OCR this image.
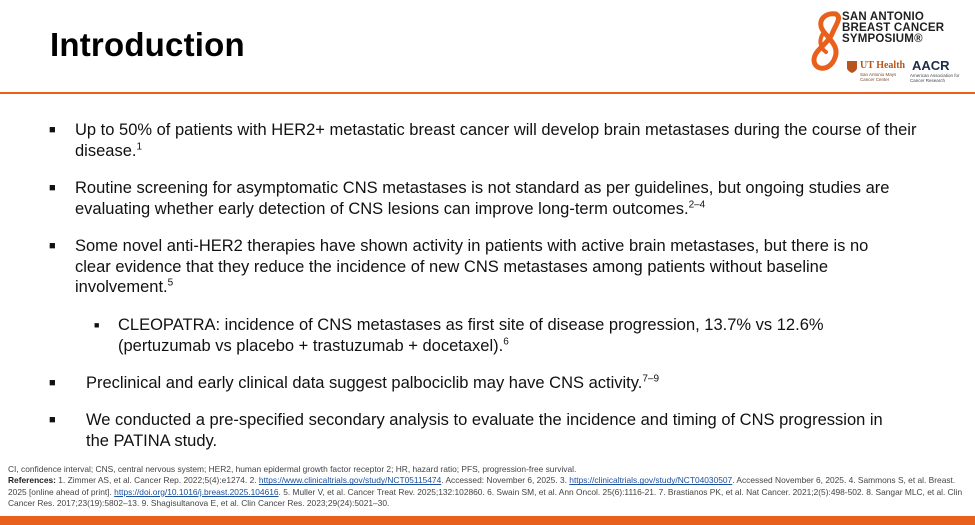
Introduction
SAN ANTONIO
BREAST CANCER
SYMPOSIUM®
UT Health
San Antonio Mays Cancer Center
AACR
American Association for Cancer Research
■ Up to 50% of patients with HER2+ metastatic breast cancer will develop brain metastases during the course of their disease.$^1$
■ Routine screening for asymptomatic CNS metastases is not standard as per guidelines, but ongoing studies are evaluating whether early detection of CNS lesions can improve long-term outcomes.$^{2-4}$
■ Some novel anti-HER2 therapies have shown activity in patients with active brain metastases, but there is no clear evidence that they reduce the incidence of new CNS metastases among patients without baseline involvement.$^5$
■ CLEOPATRA: incidence of CNS metastases as first site of disease progression, 13.7% vs 12.6% (pertuzumab vs placebo + trastuzumab + docetaxel).$^6$
■ Preclinical and early clinical data suggest palbociclib may have CNS activity.$^{7-9}$
■ We conducted a pre-specified secondary analysis to evaluate the incidence and timing of CNS progression in the PATINA study.
CI, confidence interval; CNS, central nervous system; HER2, human epidermal growth factor receptor 2; HR, hazard ratio; PFS, progression-free survival.
References: 1. Zimmer AS, et al. Cancer Rep. 2022;5(4):e1274. 2. https://www.clinicaltrials.gov/study/NCT05115474. Accessed: November 6, 2025. 3. https://clinicaltrials.gov/study/NCT04030507. Accessed November 6, 2025. 4. Sammons S, et al. Breast. 2025 [online ahead of print]. https://doi.org/10.1016/j.breast.2025.104616. 5. Muller V, et al. Cancer Treat Rev. 2025;132:102860. 6. Swain SM, et al. Ann Oncol. 25(6):1116-21. 7. Brastianos PK, et al. Nat Cancer. 2021;2(5):498-502. 8. Sangar MLC, et al. Clin Cancer Res. 2017;23(19):5802–13. 9. Shagisultanova E, et al. Clin Cancer Res. 2023;29(24):5021–30.
